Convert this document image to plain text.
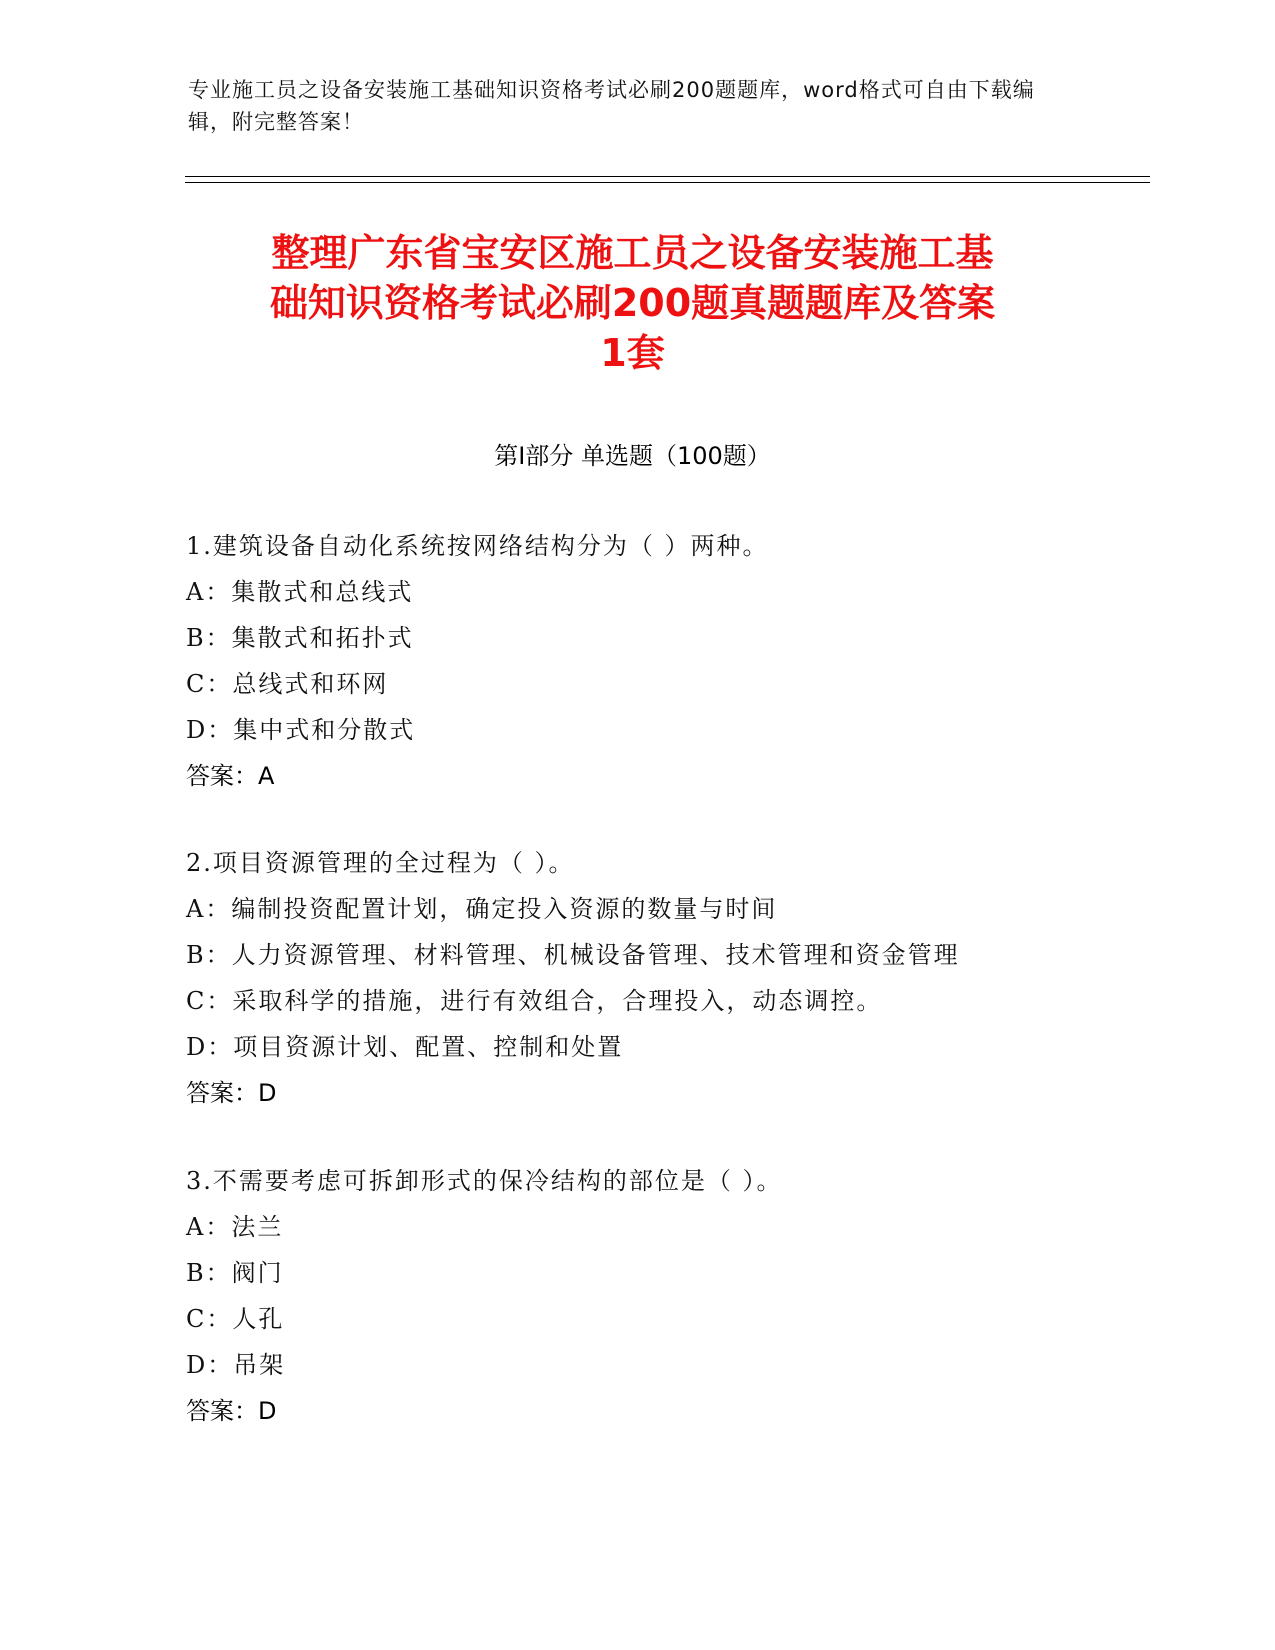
专业施工员之设备安装施工基础知识资格考试必刷200题题库，word格式可自由下载编辑，附完整答案！
整理广东省宝安区施工员之设备安装施工基
础知识资格考试必刷200题真题题库及答案
1套
第I部分 单选题（100题）
1.建筑设备自动化系统按网络结构分为（ ）两种。
A：集散式和总线式
B：集散式和拓扑式
C：总线式和环网
D：集中式和分散式
答案：A
2.项目资源管理的全过程为（ ）。
A：编制投资配置计划，确定投入资源的数量与时间
B：人力资源管理、材料管理、机械设备管理、技术管理和资金管理
C：采取科学的措施，进行有效组合，合理投入，动态调控。
D：项目资源计划、配置、控制和处置
答案：D
3.不需要考虑可拆卸形式的保冷结构的部位是（ ）。
A：法兰
B：阀门
C：人孔
D：吊架
答案：D
